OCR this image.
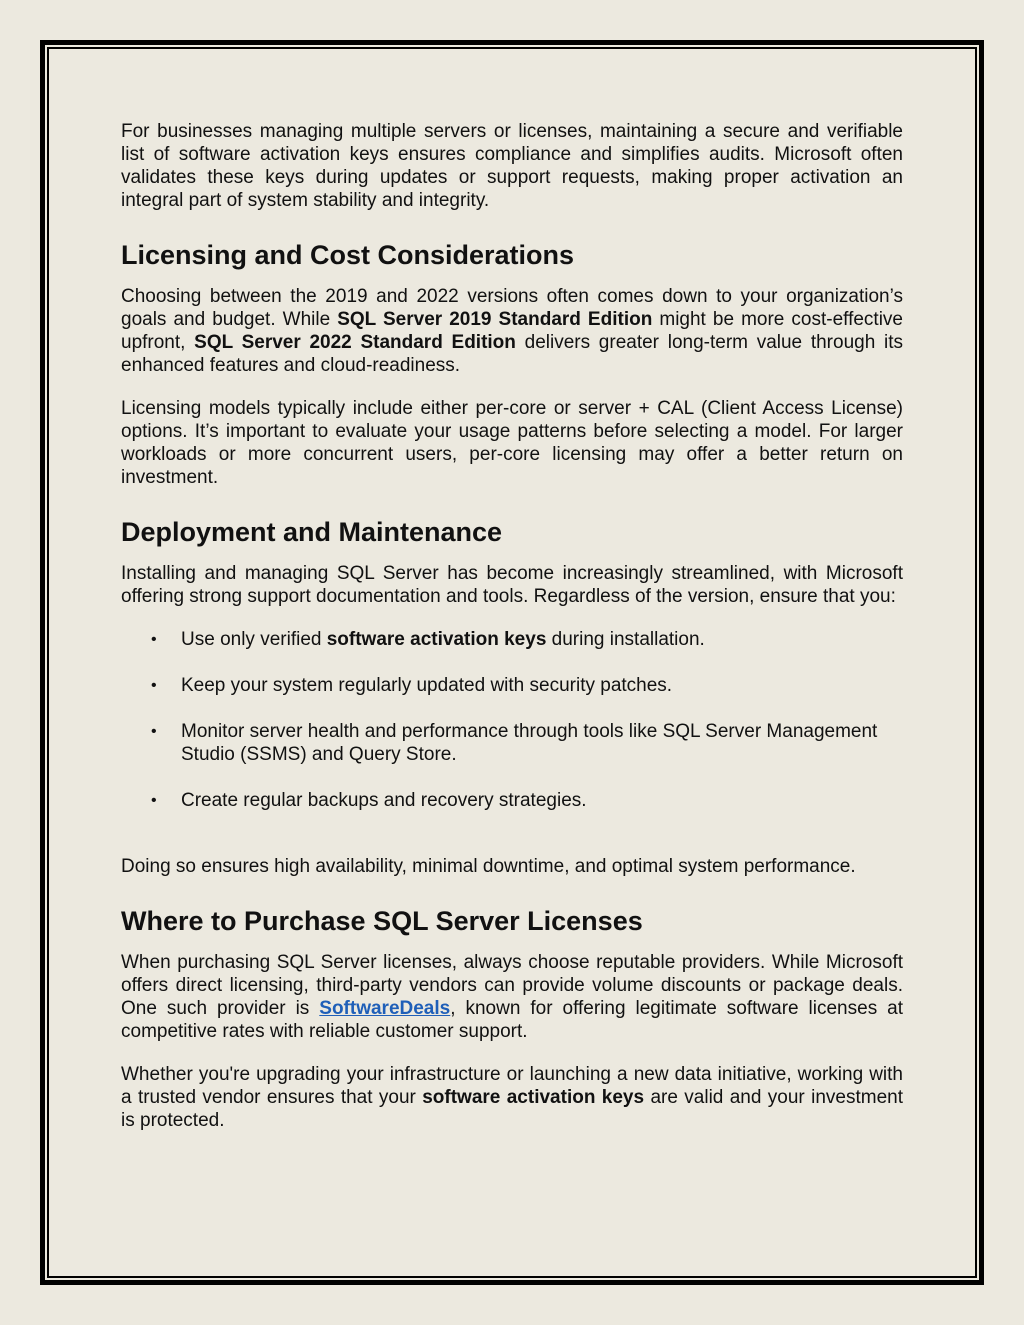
For businesses managing multiple servers or licenses, maintaining a secure and verifiable list of software activation keys ensures compliance and simplifies audits. Microsoft often validates these keys during updates or support requests, making proper activation an integral part of system stability and integrity.

Licensing and Cost Considerations

Choosing between the 2019 and 2022 versions often comes down to your organization’s goals and budget. While SQL Server 2019 Standard Edition might be more cost-effective upfront, SQL Server 2022 Standard Edition delivers greater long-term value through its enhanced features and cloud-readiness.

Licensing models typically include either per-core or server + CAL (Client Access License) options. It’s important to evaluate your usage patterns before selecting a model. For larger workloads or more concurrent users, per-core licensing may offer a better return on investment.

Deployment and Maintenance

Installing and managing SQL Server has become increasingly streamlined, with Microsoft offering strong support documentation and tools. Regardless of the version, ensure that you:

• Use only verified software activation keys during installation.
• Keep your system regularly updated with security patches.
• Monitor server health and performance through tools like SQL Server Management Studio (SSMS) and Query Store.
• Create regular backups and recovery strategies.

Doing so ensures high availability, minimal downtime, and optimal system performance.

Where to Purchase SQL Server Licenses

When purchasing SQL Server licenses, always choose reputable providers. While Microsoft offers direct licensing, third-party vendors can provide volume discounts or package deals. One such provider is SoftwareDeals, known for offering legitimate software licenses at competitive rates with reliable customer support.

Whether you're upgrading your infrastructure or launching a new data initiative, working with a trusted vendor ensures that your software activation keys are valid and your investment is protected.
